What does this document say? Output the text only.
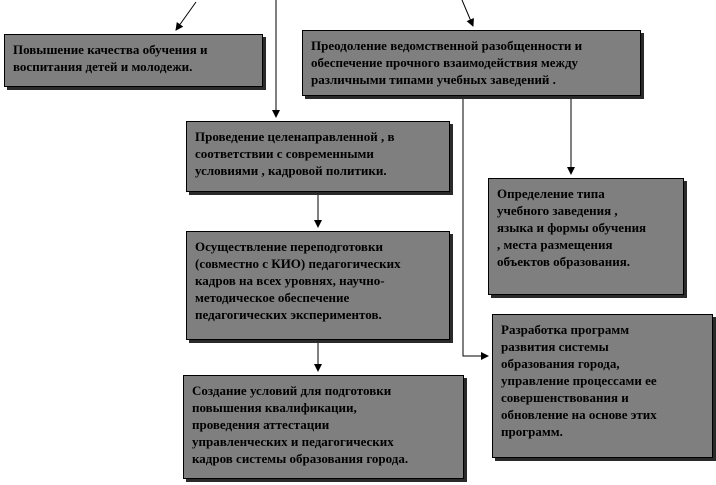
Повышение качества обучения и
воспитания детей и молодежи.
Преодоление ведомственной разобщенности и
обеспечение прочного взаимодействия между
различными типами учебных заведений .
Проведение целенаправленной , в
соответствии с современными
условиями , кадровой политики.
Определение типа
учебного заведения ,
языка и формы обучения
, места размещения
объектов образования.
Осуществление переподготовки
(совместно с КИО) педагогических
кадров на всех уровнях, научно-
методическое обеспечение
педагогических экспериментов.
Разработка программ
развития системы
образования города,
управление процессами ее
совершенствования и
обновление на основе этих
программ.
Создание условий для подготовки
повышения квалификации,
проведения аттестации
управленческих и педагогических
кадров системы образования города.
